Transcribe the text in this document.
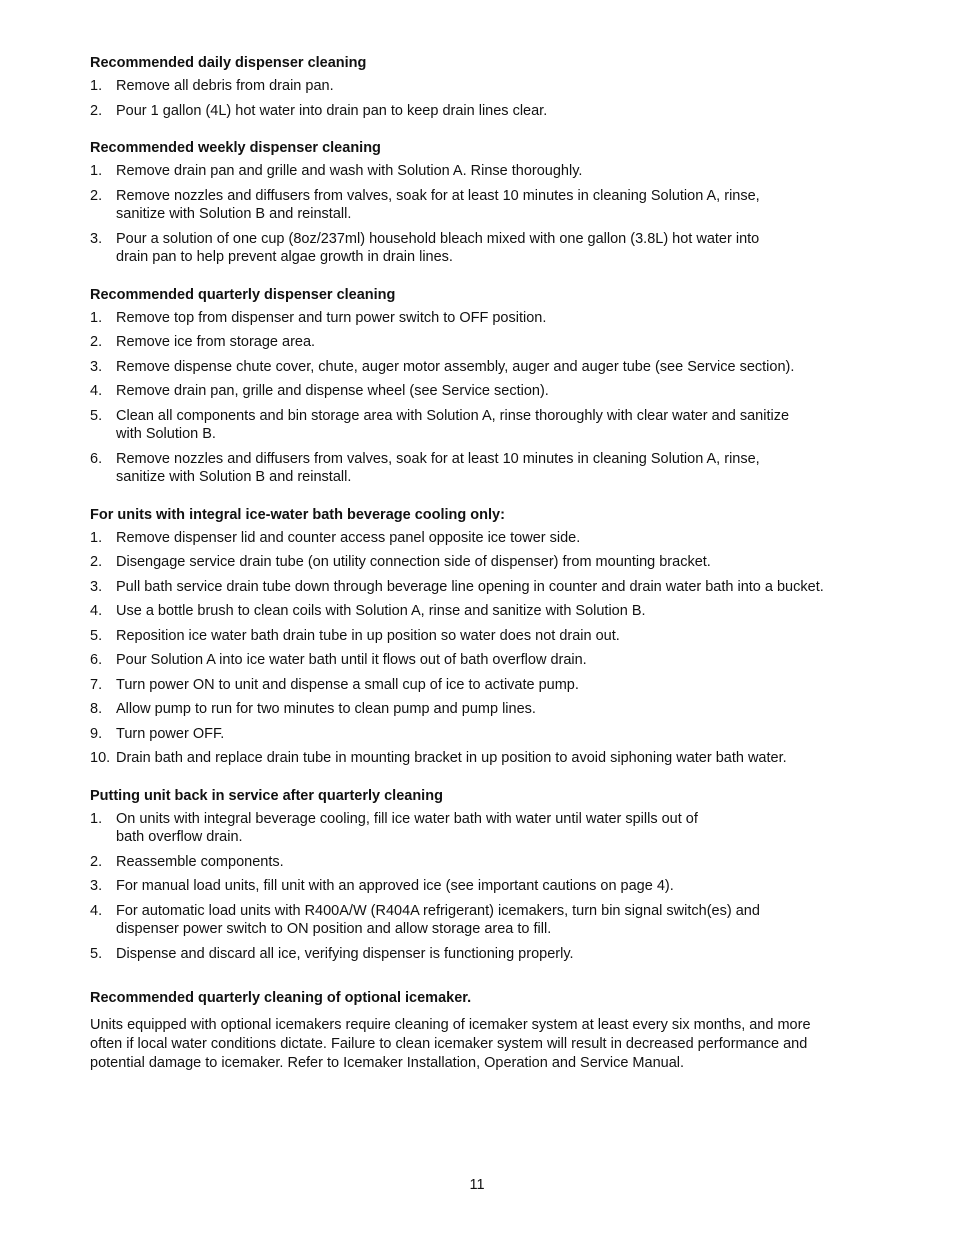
Recommended daily dispenser cleaning
1. Remove all debris from drain pan.
2. Pour 1 gallon (4L) hot water into drain pan to keep drain lines clear.
Recommended weekly dispenser cleaning
1. Remove drain pan and grille and wash with Solution A. Rinse thoroughly.
2. Remove nozzles and diffusers from valves, soak for at least 10 minutes in cleaning Solution A, rinse,
sanitize with Solution B and reinstall.
3. Pour a solution of one cup (8oz/237ml) household bleach mixed with one gallon (3.8L) hot water into
drain pan to help prevent algae growth in drain lines.
Recommended quarterly dispenser cleaning
1. Remove top from dispenser and turn power switch to OFF position.
2. Remove ice from storage area.
3. Remove dispense chute cover, chute, auger motor assembly, auger and auger tube (see Service section).
4. Remove drain pan, grille and dispense wheel (see Service section).
5. Clean all components and bin storage area with Solution A, rinse thoroughly with clear water and sanitize
with Solution B.
6. Remove nozzles and diffusers from valves, soak for at least 10 minutes in cleaning Solution A, rinse,
sanitize with Solution B and reinstall.
For units with integral ice-water bath beverage cooling only:
1. Remove dispenser lid and counter access panel opposite ice tower side.
2. Disengage service drain tube (on utility connection side of dispenser) from mounting bracket.
3. Pull bath service drain tube down through beverage line opening in counter and drain water bath into a bucket.
4. Use a bottle brush to clean coils with Solution A, rinse and sanitize with Solution B.
5. Reposition ice water bath drain tube in up position so water does not drain out.
6. Pour Solution A into ice water bath until it flows out of bath overflow drain.
7. Turn power ON to unit and dispense a small cup of ice to activate pump.
8. Allow pump to run for two minutes to clean pump and pump lines.
9. Turn power OFF.
10. Drain bath and replace drain tube in mounting bracket in up position to avoid siphoning water bath water.
Putting unit back in service after quarterly cleaning
1. On units with integral beverage cooling, fill ice water bath with water until water spills out of
bath overflow drain.
2. Reassemble components.
3. For manual load units, fill unit with an approved ice (see important cautions on page 4).
4. For automatic load units with R400A/W (R404A refrigerant) icemakers, turn bin signal switch(es) and
dispenser power switch to ON position and allow storage area to fill.
5. Dispense and discard all ice, verifying dispenser is functioning properly.
Recommended quarterly cleaning of optional icemaker.

Units equipped with optional icemakers require cleaning of icemaker system at least every six months, and more
often if local water conditions dictate. Failure to clean icemaker system will result in decreased performance and
potential damage to icemaker. Refer to Icemaker Installation, Operation and Service Manual.

11
